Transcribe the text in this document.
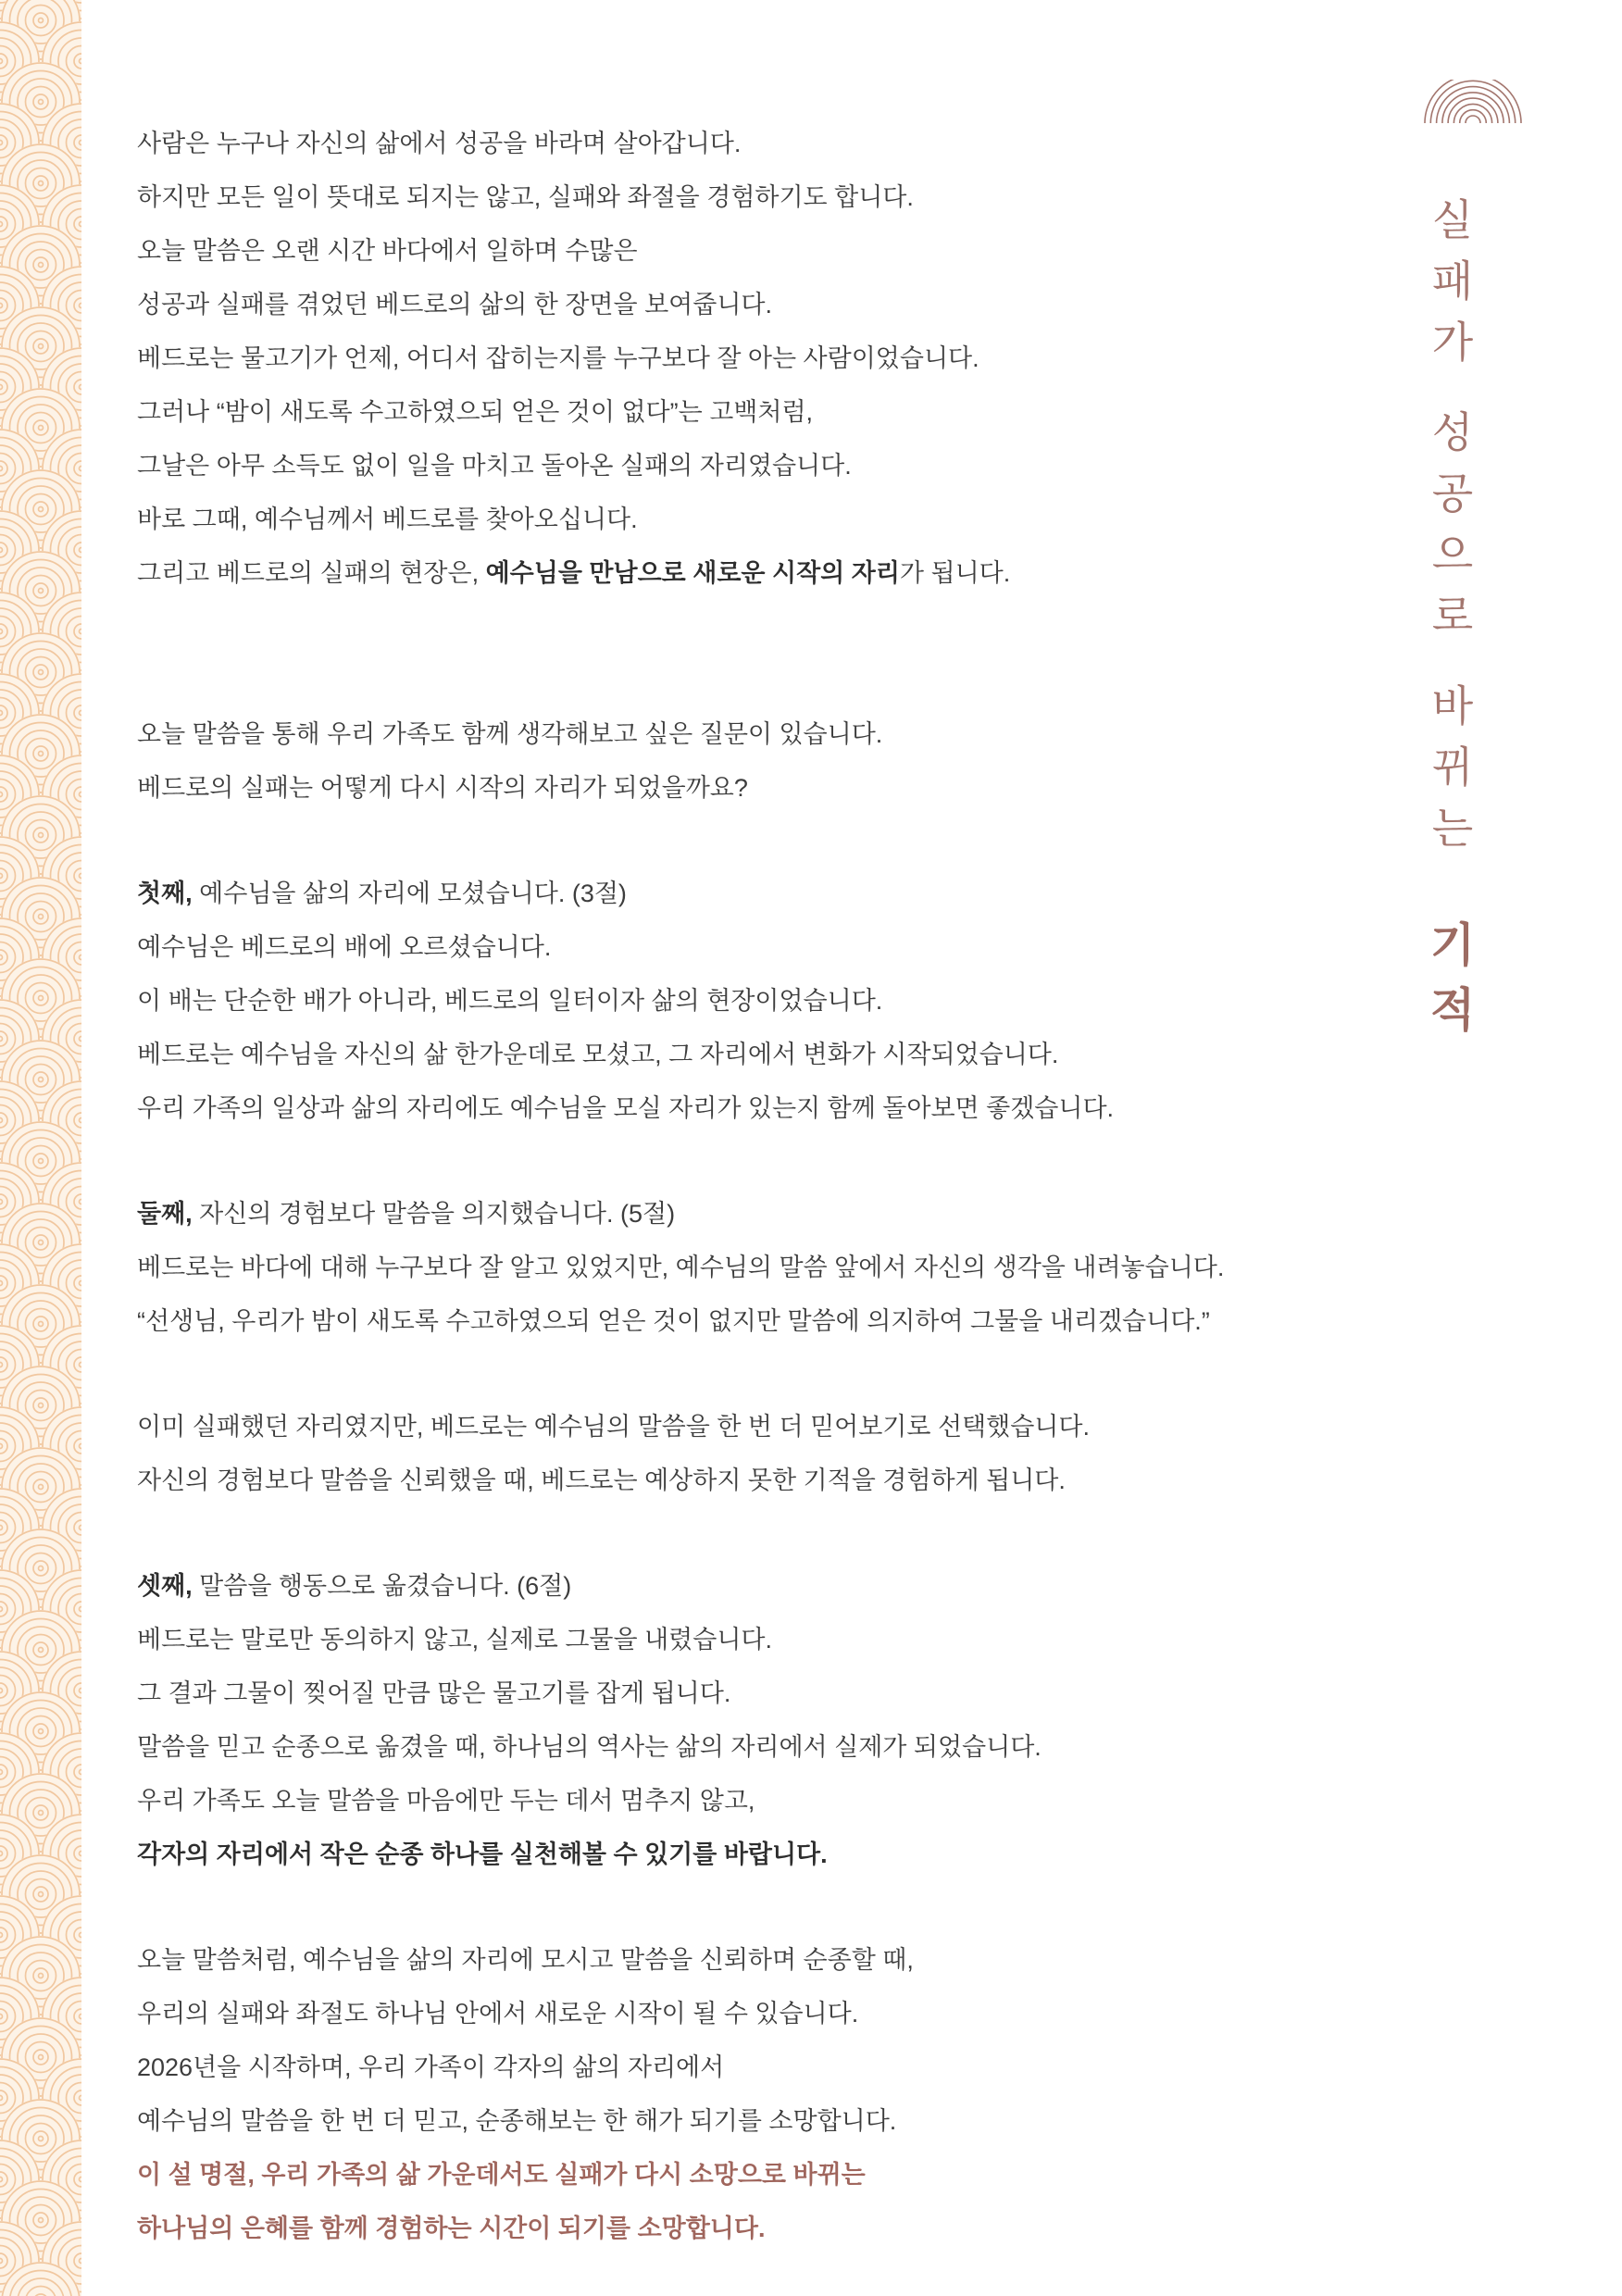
실패가 성공으로 바뀌는 기적

사람은 누구나 자신의 삶에서 성공을 바라며 살아갑니다.

하지만 모든 일이 뜻대로 되지는 않고, 실패와 좌절을 경험하기도 합니다.

오늘 말씀은 오랜 시간 바다에서 일하며 수많은

성공과 실패를 겪었던 베드로의 삶의 한 장면을 보여줍니다.

베드로는 물고기가 언제, 어디서 잡히는지를 누구보다 잘 아는 사람이었습니다.

그러나 “밤이 새도록 수고하였으되 얻은 것이 없다”는 고백처럼,

그날은 아무 소득도 없이 일을 마치고 돌아온 실패의 자리였습니다.

바로 그때, 예수님께서 베드로를 찾아오십니다.

그리고 베드로의 실패의 현장은, 예수님을 만남으로 새로운 시작의 자리가 됩니다.

오늘 말씀을 통해 우리 가족도 함께 생각해보고 싶은 질문이 있습니다.

베드로의 실패는 어떻게 다시 시작의 자리가 되었을까요?

첫째, 예수님을 삶의 자리에 모셨습니다. (3절)

예수님은 베드로의 배에 오르셨습니다.

이 배는 단순한 배가 아니라, 베드로의 일터이자 삶의 현장이었습니다.

베드로는 예수님을 자신의 삶 한가운데로 모셨고, 그 자리에서 변화가 시작되었습니다.

우리 가족의 일상과 삶의 자리에도 예수님을 모실 자리가 있는지 함께 돌아보면 좋겠습니다.

둘째, 자신의 경험보다 말씀을 의지했습니다. (5절)

베드로는 바다에 대해 누구보다 잘 알고 있었지만, 예수님의 말씀 앞에서 자신의 생각을 내려놓습니다.

“선생님, 우리가 밤이 새도록 수고하였으되 얻은 것이 없지만 말씀에 의지하여 그물을 내리겠습니다.”

이미 실패했던 자리였지만, 베드로는 예수님의 말씀을 한 번 더 믿어보기로 선택했습니다.

자신의 경험보다 말씀을 신뢰했을 때, 베드로는 예상하지 못한 기적을 경험하게 됩니다.

셋째, 말씀을 행동으로 옮겼습니다. (6절)

베드로는 말로만 동의하지 않고, 실제로 그물을 내렸습니다.

그 결과 그물이 찢어질 만큼 많은 물고기를 잡게 됩니다.

말씀을 믿고 순종으로 옮겼을 때, 하나님의 역사는 삶의 자리에서 실제가 되었습니다.

우리 가족도 오늘 말씀을 마음에만 두는 데서 멈추지 않고,

각자의 자리에서 작은 순종 하나를 실천해볼 수 있기를 바랍니다.

오늘 말씀처럼, 예수님을 삶의 자리에 모시고 말씀을 신뢰하며 순종할 때,

우리의 실패와 좌절도 하나님 안에서 새로운 시작이 될 수 있습니다.

2026년을 시작하며, 우리 가족이 각자의 삶의 자리에서

예수님의 말씀을 한 번 더 믿고, 순종해보는 한 해가 되기를 소망합니다.

이 설 명절, 우리 가족의 삶 가운데서도 실패가 다시 소망으로 바뀌는

하나님의 은혜를 함께 경험하는 시간이 되기를 소망합니다.
